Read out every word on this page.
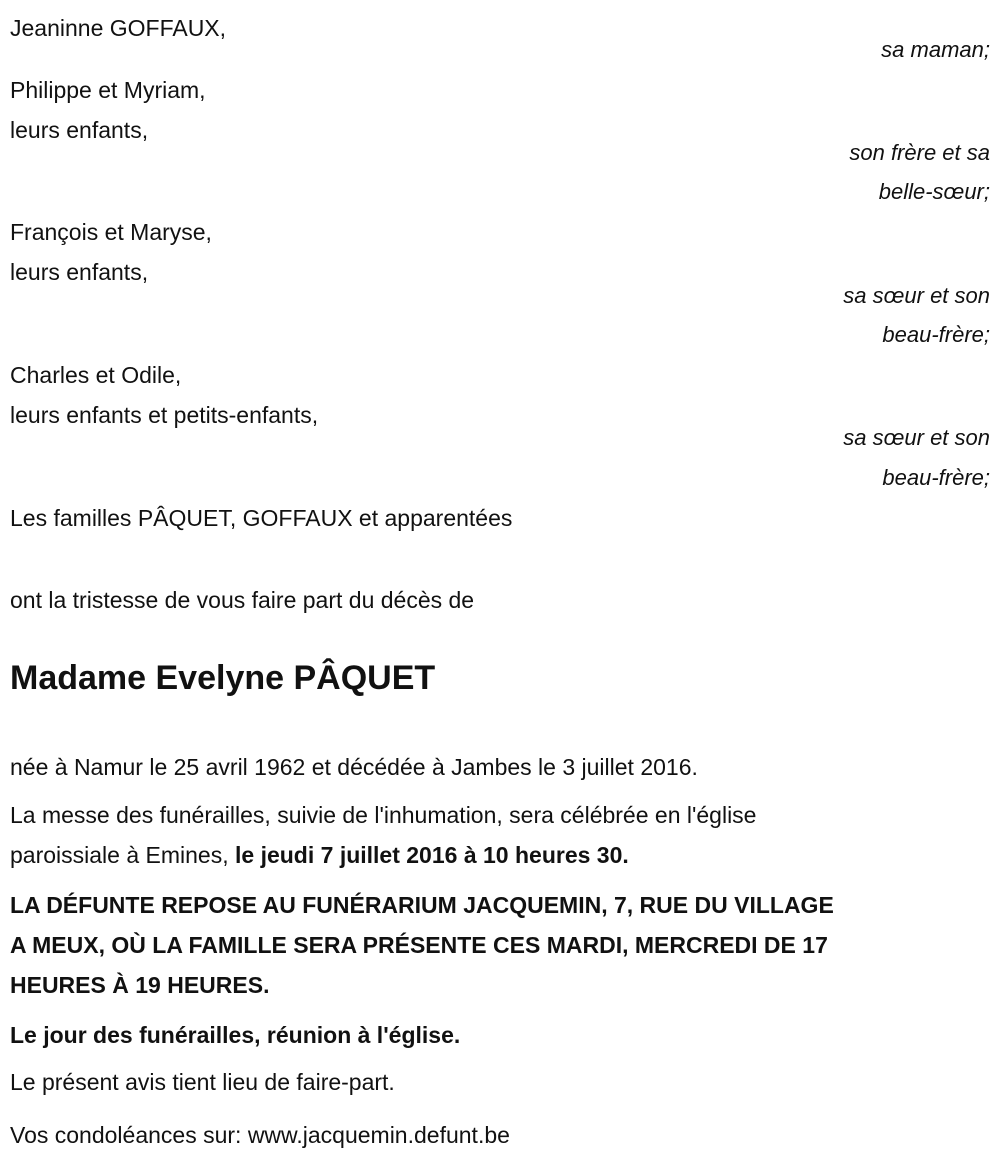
Jeaninne GOFFAUX,
sa maman;
Philippe et Myriam,
leurs enfants,
son frère et sa
belle-sœur;
François et Maryse,
leurs enfants,
sa sœur et son
beau-frère;
Charles et Odile,
leurs enfants et petits-enfants,
sa sœur et son
beau-frère;
Les familles PÂQUET, GOFFAUX et apparentées
ont la tristesse de vous faire part du décès de
Madame Evelyne PÂQUET
née à Namur le 25 avril 1962 et décédée à Jambes le 3 juillet 2016.
La messe des funérailles, suivie de l'inhumation, sera célébrée en l'église
paroissiale à Emines, le jeudi 7 juillet 2016 à 10 heures 30.
LA DÉFUNTE REPOSE AU FUNÉRARIUM JACQUEMIN, 7, RUE DU VILLAGE
A MEUX, OÙ LA FAMILLE SERA PRÉSENTE CES MARDI, MERCREDI DE 17
HEURES À 19 HEURES.
Le jour des funérailles, réunion à l'église.
Le présent avis tient lieu de faire-part.
Vos condoléances sur: www.jacquemin.defunt.be
